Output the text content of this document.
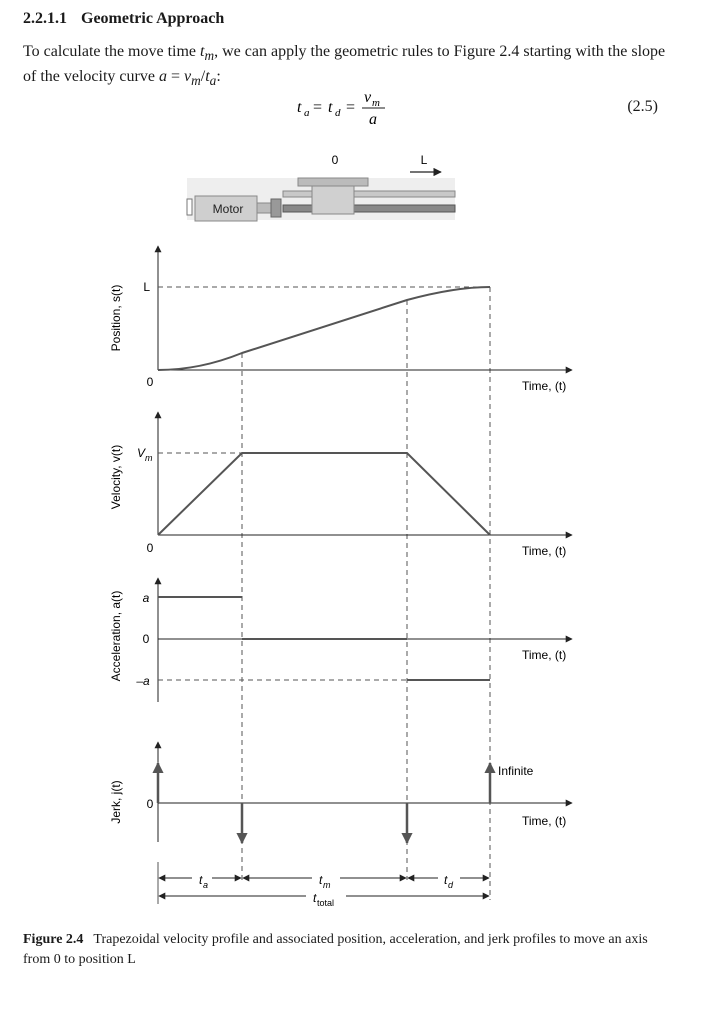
2.2.1.1 Geometric Approach
To calculate the move time $t_m$, we can apply the geometric rules to Figure 2.4 starting with the slope of the velocity curve $a = v_m/t_a$:
t a = t d =
v m
a
(2.5)
Motor
0	L
L
0	Time, (t)
Position, s(t)
V m
0	Time, (t)
Velocity, v(t)
a
0
–a
Time, (t)
Acceleration, a(t)
Infinite
0
Time, (t)
Jerk, j(t)
t a	t m	t d
t total
Figure 2.4 Trapezoidal velocity profile and associated position, acceleration, and jerk profiles to move an axis from 0 to position L
